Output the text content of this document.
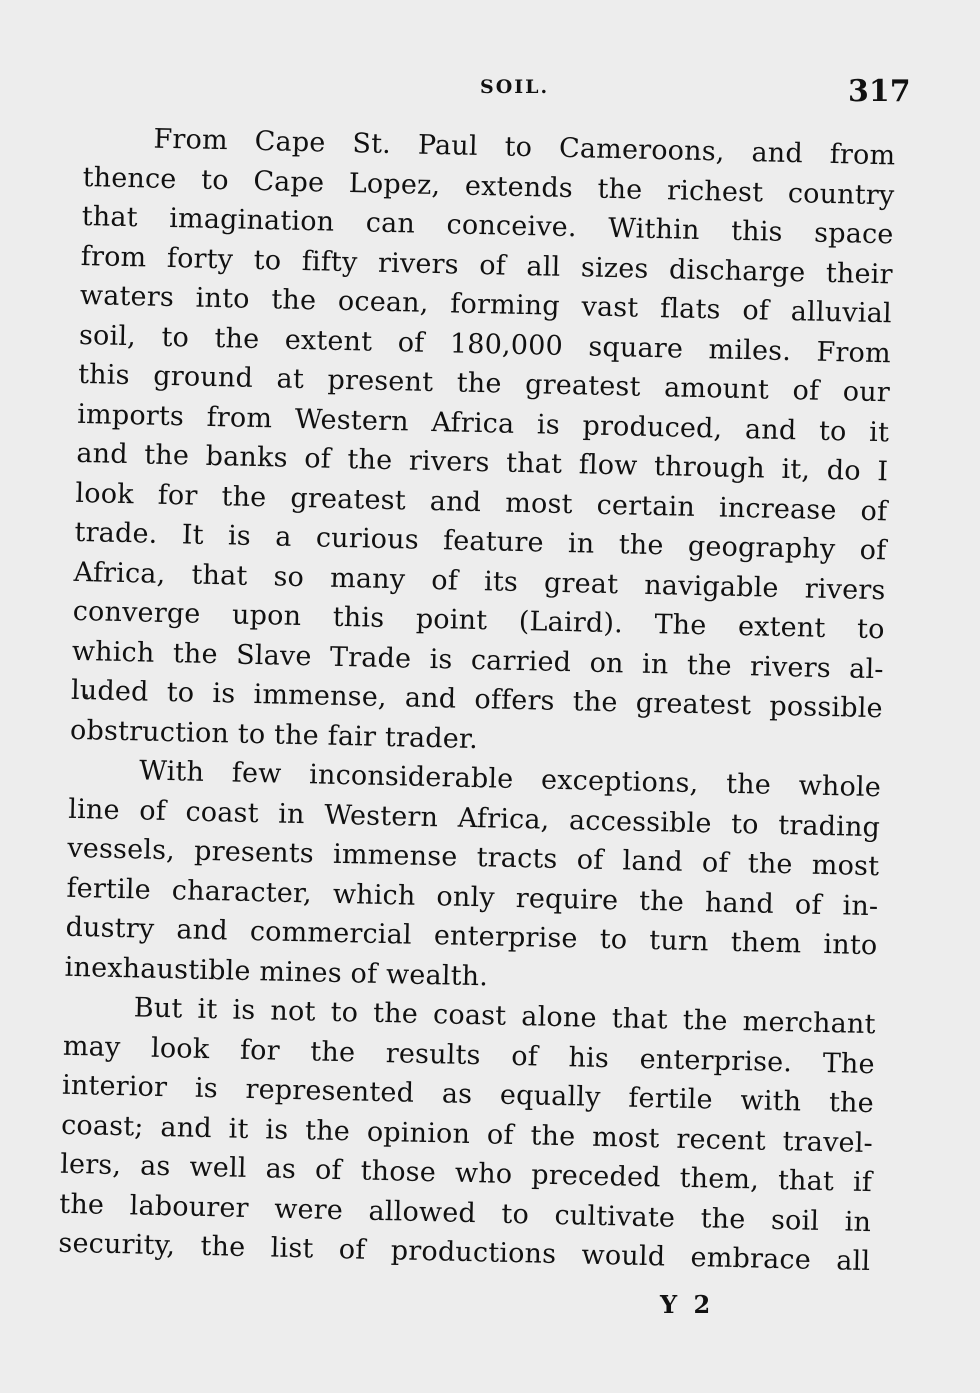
SOIL.	317
From Cape St. Paul to Cameroons, and from
thence to Cape Lopez, extends the richest country
that imagination can conceive. Within this space
from forty to fifty rivers of all sizes discharge their
waters into the ocean, forming vast flats of alluvial
soil, to the extent of 180,000 square miles. From
this ground at present the greatest amount of our
imports from Western Africa is produced, and to it
and the banks of the rivers that flow through it, do I
look for the greatest and most certain increase of
trade. It is a curious feature in the geography of
Africa, that so many of its great navigable rivers
converge upon this point (Laird). The extent to
which the Slave Trade is carried on in the rivers al-
luded to is immense, and offers the greatest possible
obstruction to the fair trader.
With few inconsiderable exceptions, the whole
line of coast in Western Africa, accessible to trading
vessels, presents immense tracts of land of the most
fertile character, which only require the hand of in-
dustry and commercial enterprise to turn them into
inexhaustible mines of wealth.
But it is not to the coast alone that the merchant
may look for the results of his enterprise. The
interior is represented as equally fertile with the
coast; and it is the opinion of the most recent travel-
lers, as well as of those who preceded them, that if
the labourer were allowed to cultivate the soil in
security, the list of productions would embrace all
Y 2
